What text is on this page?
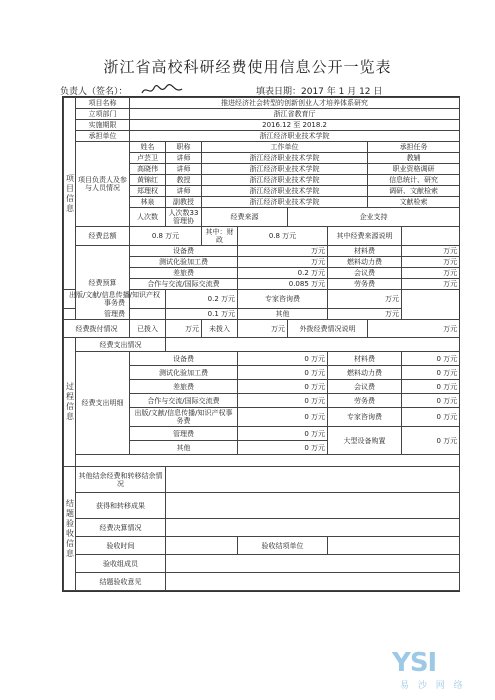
浙江省高校科研经费使用信息公开一览表
负责人（签名）：	填表日期：2017 年 1 月 12 日
项目信息	项目名称	推进经济社会转型的创新创业人才培养体系研究							
	立项部门	浙江省教育厅							
	实施期限	2016.12 至 2018.2							
	承担单位	浙江经济职业技术学院							
	项目负责人及参与人员情况	姓名	职称	工作单位				承担任务	
		卢芸卫	讲师	浙江经济职业技术学院				教辅	
		高晓伟	讲师	浙江经济职业技术学院				职业资格调研	
		黄锦红	教授	浙江经济职业技术学院				信息统计、研究	
		郑理权	讲师	浙江经济职业技术学院				调研、文献检索	
		林泉	副教授	浙江经济职业技术学院				文献检索	
		人次数	人次数33 管理协	经费来源		企业支持			
	经费总额	0.8 万元		其中：财政	0.8 万元		其中经费来源说明		
	经费预算	设备费			万元		材料费		万元
		测试化验加工费			万元		燃料动力费		万元
		差旅费			0.2 万元		会议费		万元
		合作与交流/国际交流费			0.085 万元		劳务费		万元
出版/文献/信息传播/知识产权事务费			0.2 万元		专家咨询费		万元		
管理费			0.1 万元		其他		万元		
经费拨付情况		已拨入	万元	未拨入	万元	外拨经费情况说明		万元	
过程信息	经费支出情况								
	经费支出明细	设备费			0 万元		材料费		0 万元
		测试化验加工费			0 万元		燃料动力费		0 万元
		差旅费			0 万元		会议费		0 万元
		合作与交流/国际交流费			0 万元		劳务费		0 万元
		出版/文献/信息传播/知识产权事务费			0 万元		专家咨询费		0 万元
		管理费			0 万元		大型设备购置		0 万元
		其他			0 万元				

结题验收信息	其他结余经费和转移结余情况								
	获得和转移成果								
	经费决算情况								
	验收时间				验收结项单位				
	验收组成员								
	结题验收意见								
YSI
易 沙 网 络
